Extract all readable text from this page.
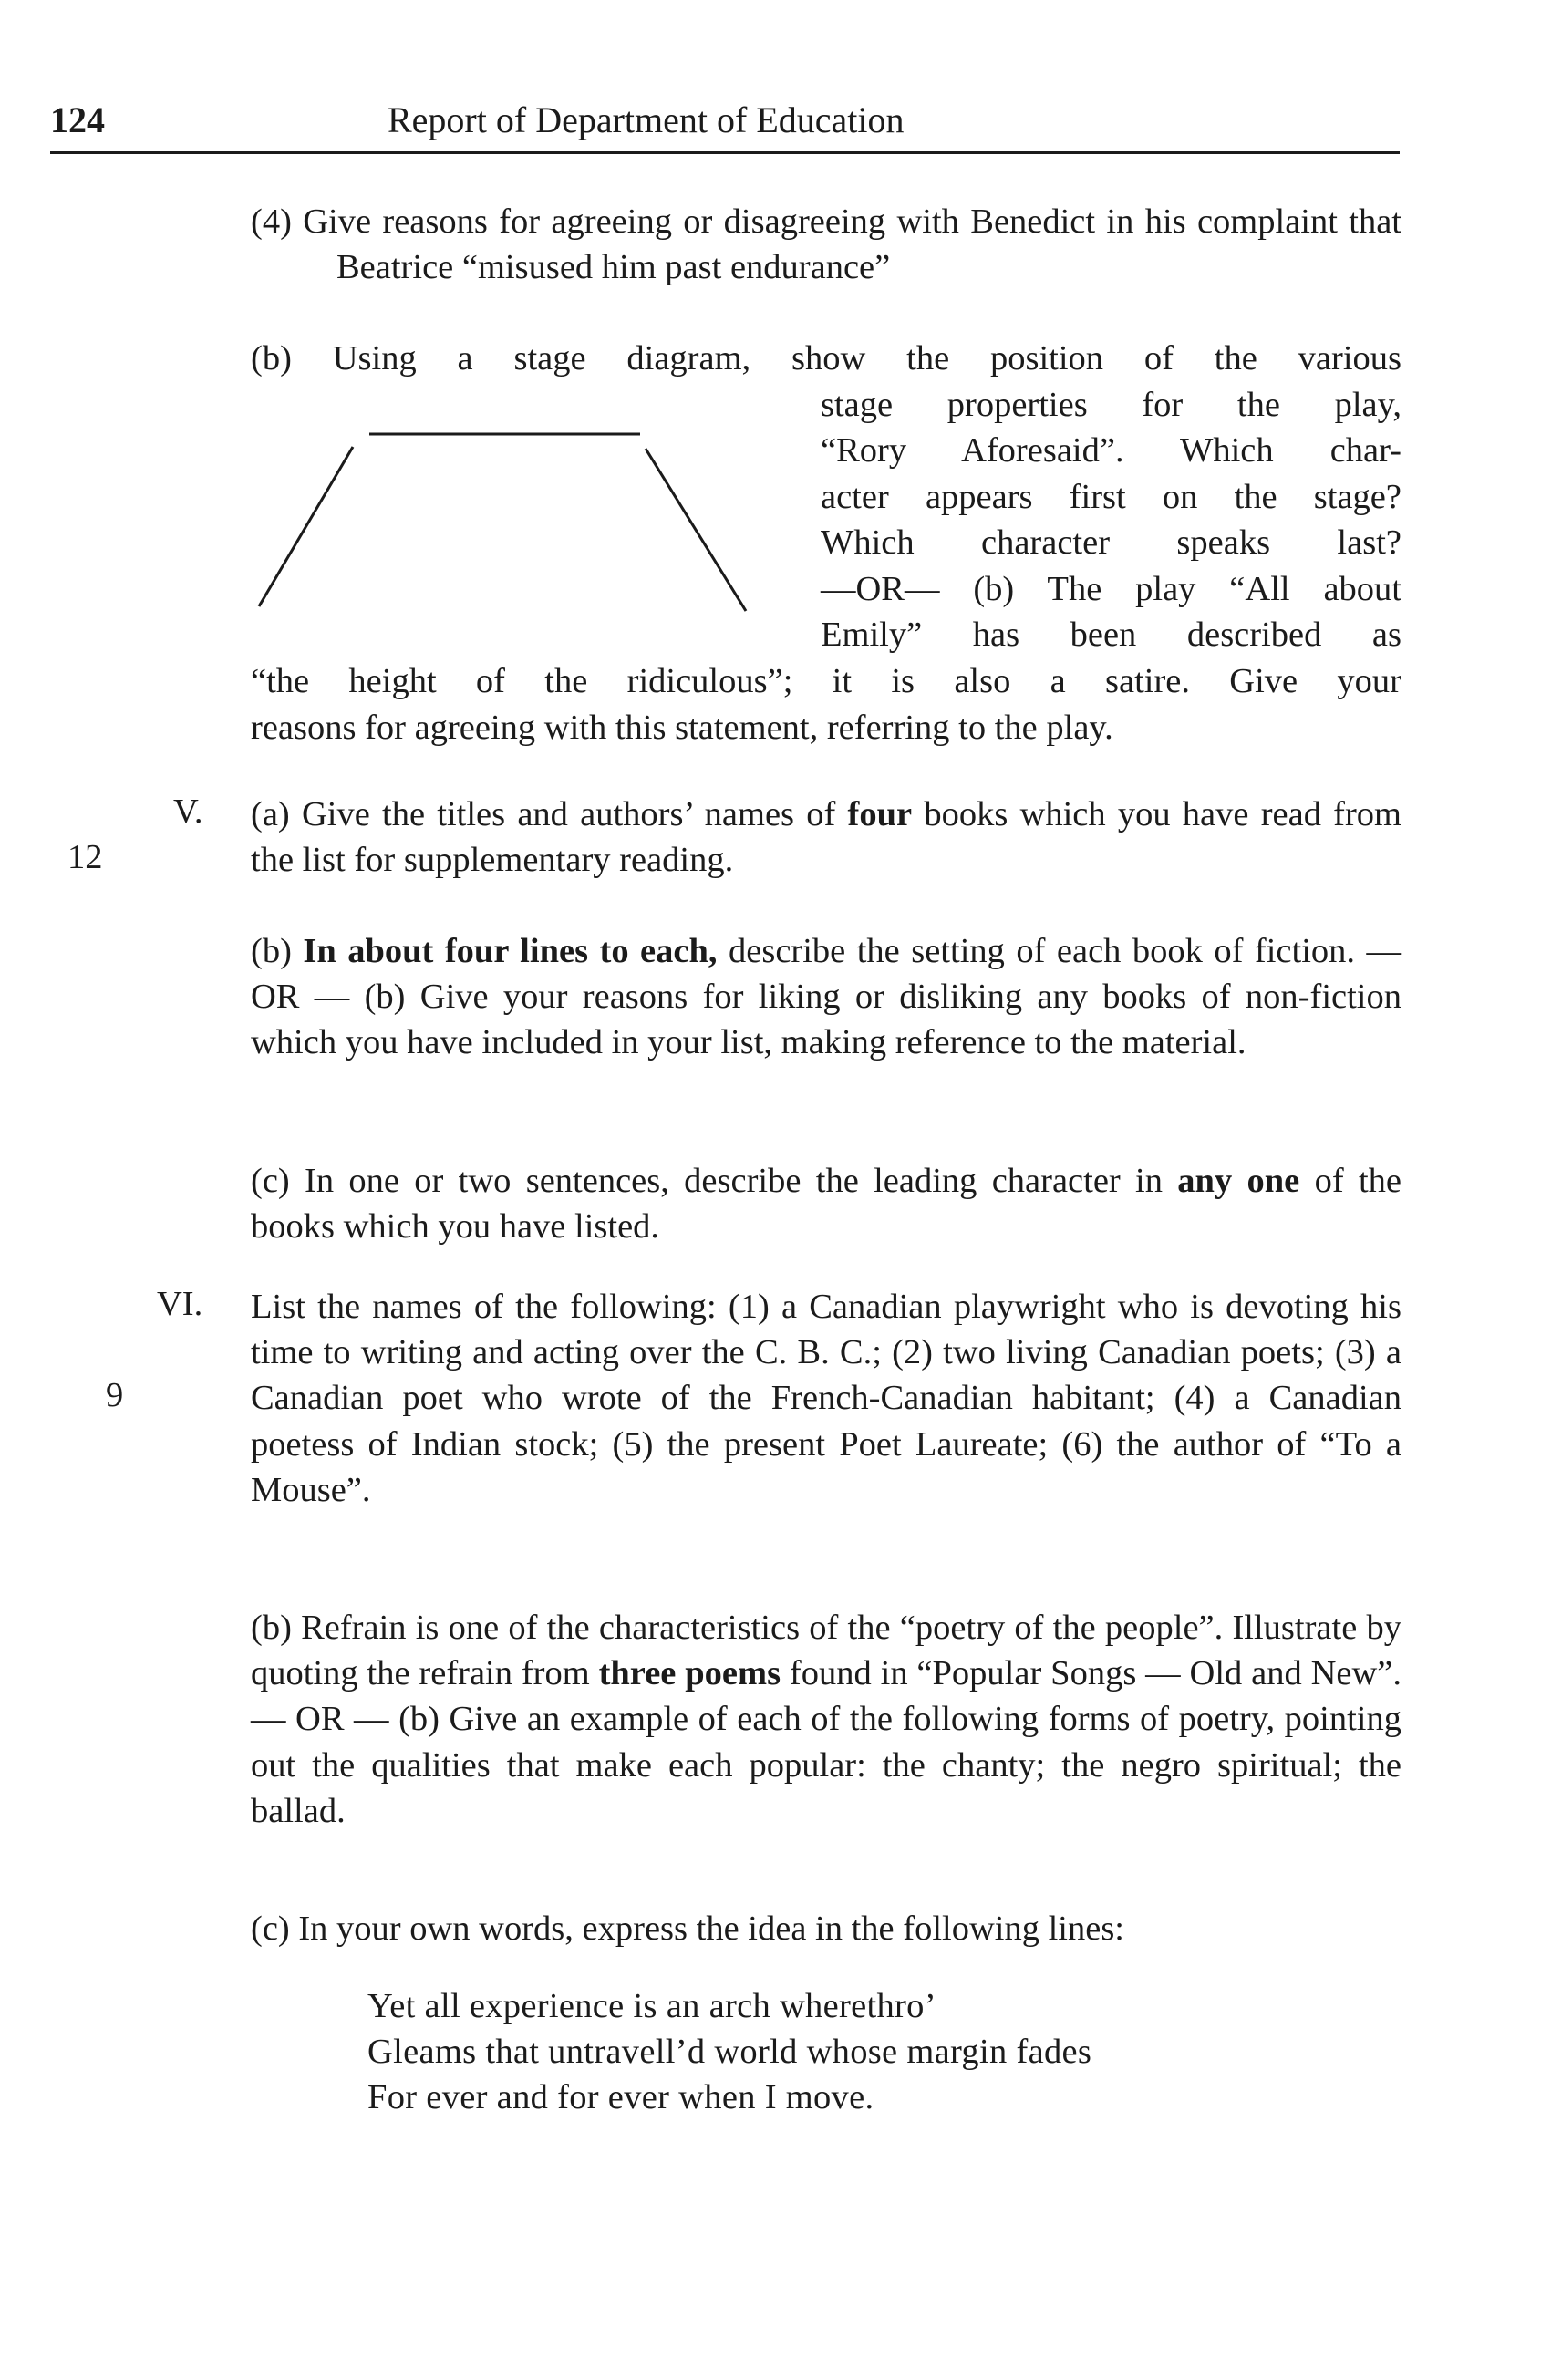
124	Report of Department of Education
(4) Give reasons for agreeing or disagreeing with Benedict in his complaint that Beatrice “misused him past endurance”
(b) Using a stage diagram, show the position of the various
stage properties for the play,
“Rory Aforesaid”. Which char-
acter appears first on the stage?
Which character speaks last?
—OR— (b) The play “All about
Emily” has been described as
“the height of the ridiculous”; it is also a satire. Give your
reasons for agreeing with this statement, referring to the play.
V.
12
(a) Give the titles and authors’ names of four books which you have read from the list for supplementary reading.
(b) In about four lines to each, describe the setting of each book of fiction. —OR — (b) Give your reasons for liking or disliking any books of non-fiction which you have included in your list, making reference to the material.
(c) In one or two sentences, describe the leading character in any one of the books which you have listed.
VI.
9
List the names of the following: (1) a Canadian playwright who is devoting his time to writing and acting over the C. B. C.; (2) two living Canadian poets; (3) a Canadian poet who wrote of the French-Canadian habitant; (4) a Canadian poetess of Indian stock; (5) the present Poet Laureate; (6) the author of “To a Mouse”.
(b) Refrain is one of the characteristics of the “poetry of the people”. Illustrate by quoting the refrain from three poems found in “Popular Songs — Old and New”. — OR — (b) Give an example of each of the following forms of poetry, pointing out the qualities that make each popular: the chanty; the negro spiritual; the ballad.
(c) In your own words, express the idea in the following lines:
Yet all experience is an arch wherethro’
Gleams that untravell’d world whose margin fades
For ever and for ever when I move.
